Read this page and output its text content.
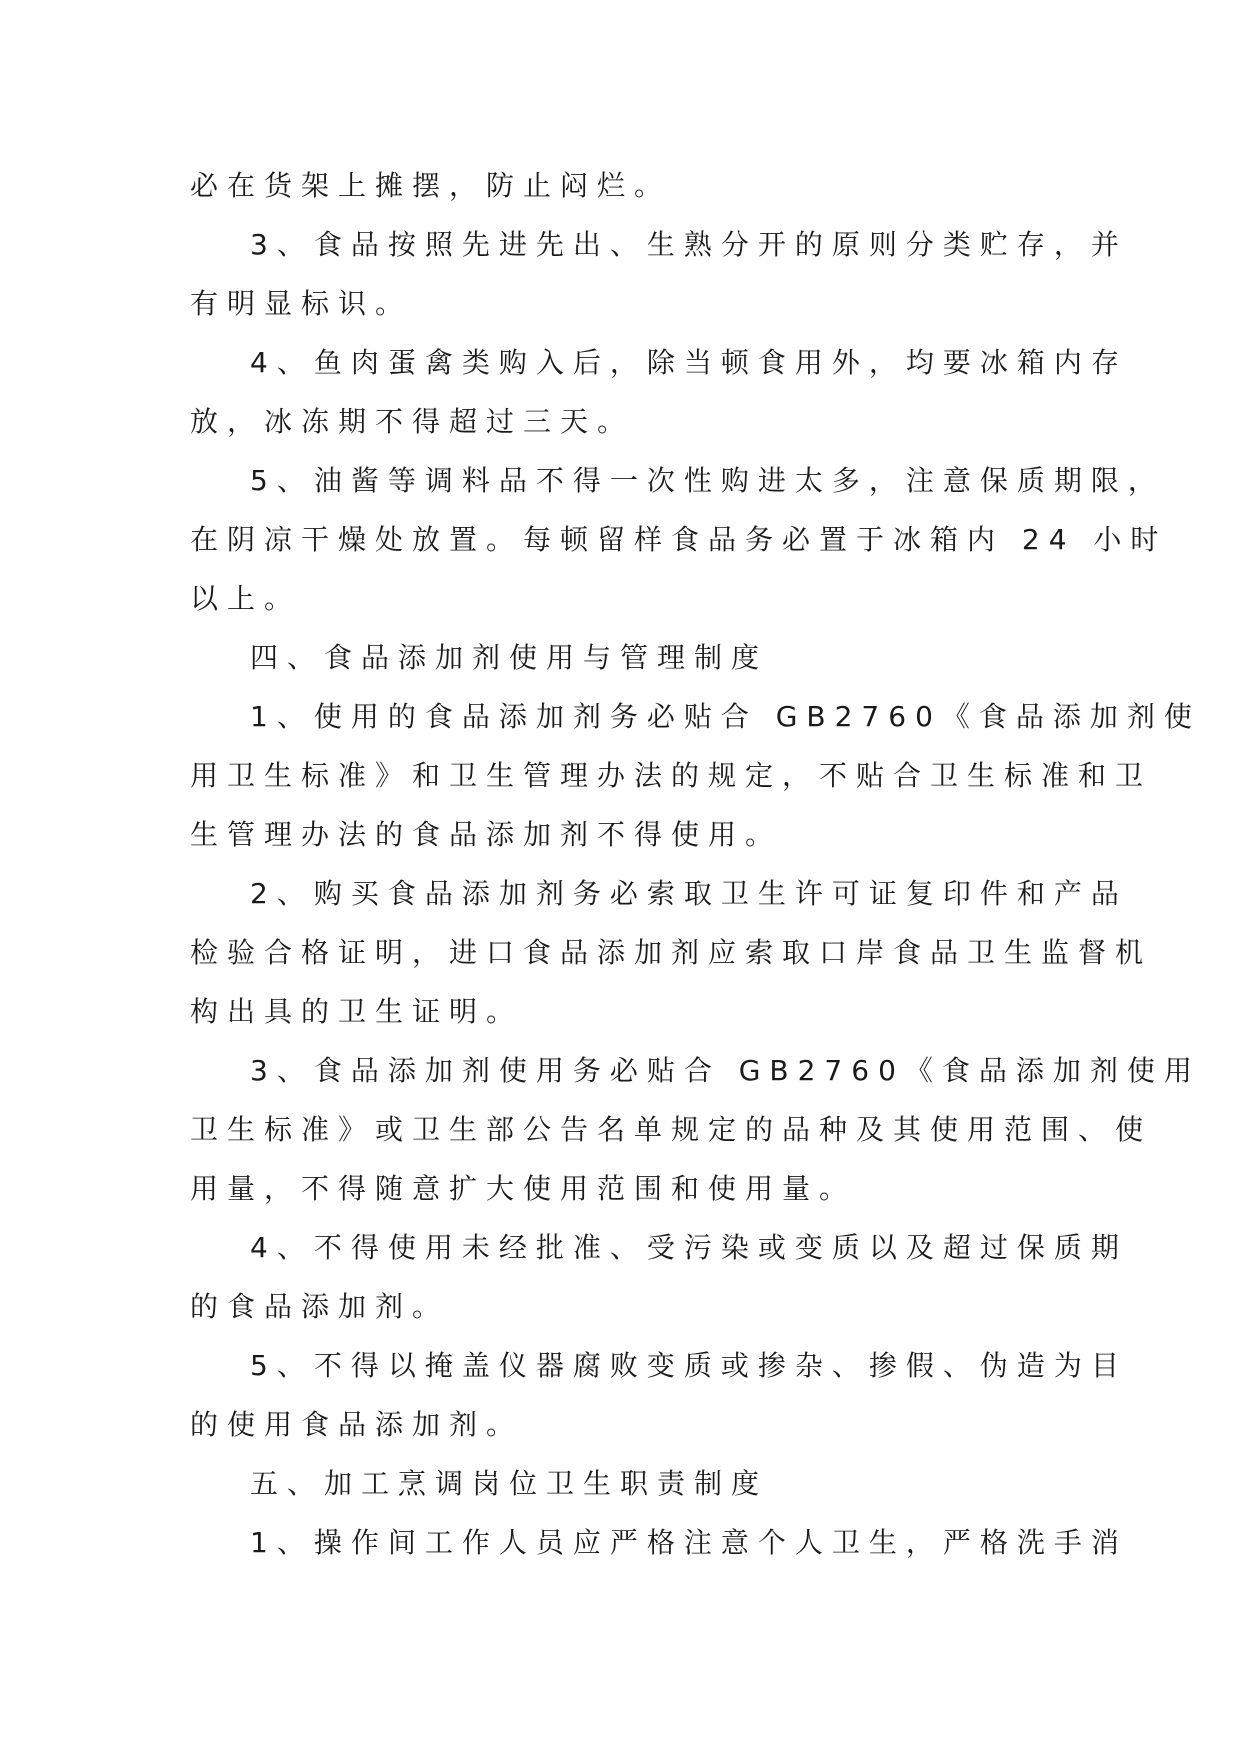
必在货架上摊摆，防止闷烂。

3、食品按照先进先出、生熟分开的原则分类贮存，并

有明显标识。

4、鱼肉蛋禽类购入后，除当顿食用外，均要冰箱内存

放，冰冻期不得超过三天。

5、油酱等调料品不得一次性购进太多，注意保质期限，

在阴凉干燥处放置。每顿留样食品务必置于冰箱内 24 小时

以上。

四、食品添加剂使用与管理制度

1、使用的食品添加剂务必贴合 GB2760《食品添加剂使

用卫生标准》和卫生管理办法的规定，不贴合卫生标准和卫

生管理办法的食品添加剂不得使用。

2、购买食品添加剂务必索取卫生许可证复印件和产品

检验合格证明，进口食品添加剂应索取口岸食品卫生监督机

构出具的卫生证明。

3、食品添加剂使用务必贴合 GB2760《食品添加剂使用

卫生标准》或卫生部公告名单规定的品种及其使用范围、使

用量，不得随意扩大使用范围和使用量。

4、不得使用未经批准、受污染或变质以及超过保质期

的食品添加剂。

5、不得以掩盖仪器腐败变质或掺杂、掺假、伪造为目

的使用食品添加剂。

五、加工烹调岗位卫生职责制度

1、操作间工作人员应严格注意个人卫生，严格洗手消
